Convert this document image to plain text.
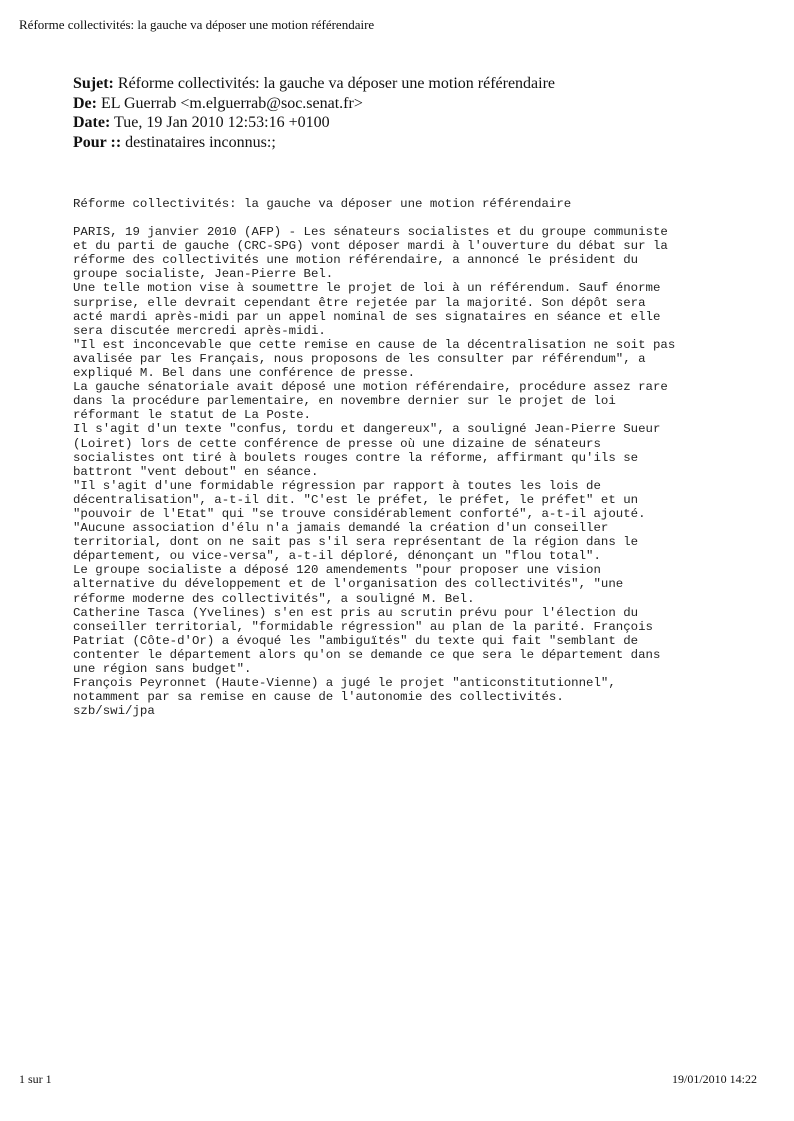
Réforme collectivités: la gauche va déposer une motion référendaire
Sujet: Réforme collectivités: la gauche va déposer une motion référendaire
De: EL Guerrab <m.elguerrab@soc.senat.fr>
Date: Tue, 19 Jan 2010 12:53:16 +0100
Pour :: destinataires inconnus:;
Réforme collectivités: la gauche va déposer une motion référendaire
PARIS, 19 janvier 2010 (AFP) - Les sénateurs socialistes et du groupe communiste
et du parti de gauche (CRC-SPG) vont déposer mardi à l'ouverture du débat sur la
réforme des collectivités une motion référendaire, a annoncé le président du
groupe socialiste, Jean-Pierre Bel.
Une telle motion vise à soumettre le projet de loi à un référendum. Sauf énorme
surprise, elle devrait cependant être rejetée par la majorité. Son dépôt sera
acté mardi après-midi par un appel nominal de ses signataires en séance et elle
sera discutée mercredi après-midi.
"Il est inconcevable que cette remise en cause de la décentralisation ne soit pas
avalisée par les Français, nous proposons de les consulter par référendum", a
expliqué M. Bel dans une conférence de presse.
La gauche sénatoriale avait déposé une motion référendaire, procédure assez rare
dans la procédure parlementaire, en novembre dernier sur le projet de loi
réformant le statut de La Poste.
Il s'agit d'un texte "confus, tordu et dangereux", a souligné Jean-Pierre Sueur
(Loiret) lors de cette conférence de presse où une dizaine de sénateurs
socialistes ont tiré à boulets rouges contre la réforme, affirmant qu'ils se
battront "vent debout" en séance.
"Il s'agit d'une formidable régression par rapport à toutes les lois de
décentralisation", a-t-il dit. "C'est le préfet, le préfet, le préfet" et un
"pouvoir de l'Etat" qui "se trouve considérablement conforté", a-t-il ajouté.
"Aucune association d'élu n'a jamais demandé la création d'un conseiller
territorial, dont on ne sait pas s'il sera représentant de la région dans le
département, ou vice-versa", a-t-il déploré, dénonçant un "flou total".
Le groupe socialiste a déposé 120 amendements "pour proposer une vision
alternative du développement et de l'organisation des collectivités", "une
réforme moderne des collectivités", a souligné M. Bel.
Catherine Tasca (Yvelines) s'en est pris au scrutin prévu pour l'élection du
conseiller territorial, "formidable régression" au plan de la parité. François
Patriat (Côte-d'Or) a évoqué les "ambiguïtés" du texte qui fait "semblant de
contenter le département alors qu'on se demande ce que sera le département dans
une région sans budget".
François Peyronnet (Haute-Vienne) a jugé le projet "anticonstitutionnel",
notamment par sa remise en cause de l'autonomie des collectivités.
szb/swi/jpa
1 sur 1	19/01/2010 14:22
